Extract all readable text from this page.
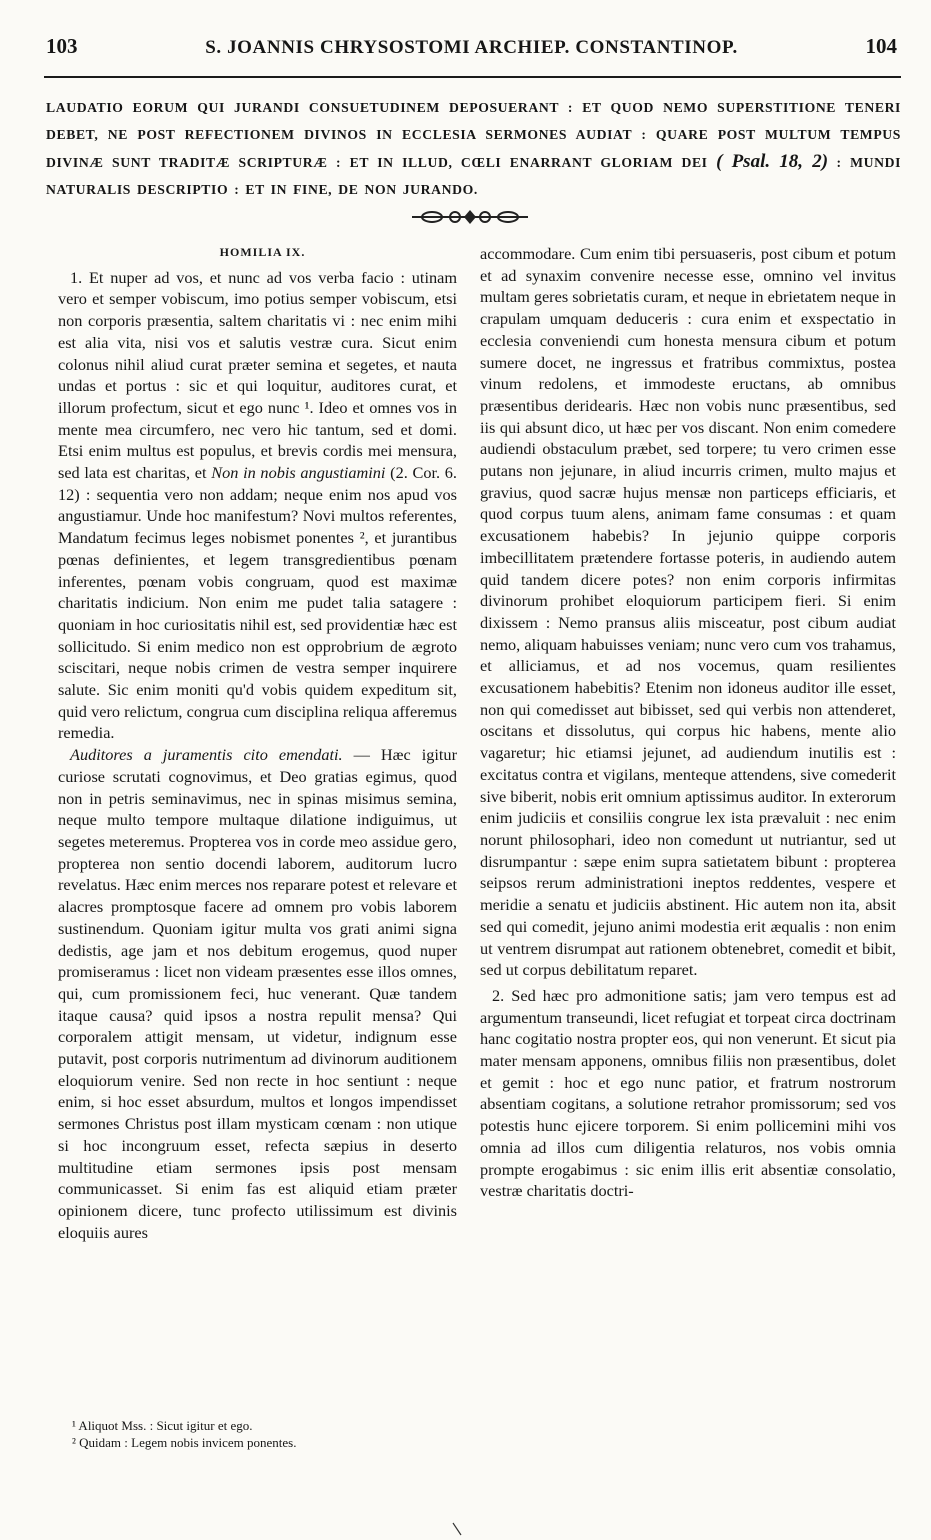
103	S. JOANNIS CHRYSOSTOMI ARCHIEP. CONSTANTINOP.	104
LAUDATIO EORUM QUI JURANDI CONSUETUDINEM DEPOSUERANT : ET QUOD NEMO SUPERSTITIONE TENERI DEBET, NE POST REFECTIONEM DIVINOS IN ECCLESIA SERMONES AUDIAT : QUARE POST MULTUM TEMPUS DIVINÆ SUNT TRADITÆ SCRIPTURÆ : ET IN ILLUD, CŒLI ENARRANT GLORIAM DEI ( Psal. 18, 2) : MUNDI NATURALIS DESCRIPTIO : ET IN FINE, DE NON JURANDO.
HOMILIA IX.

1. Et nuper ad vos, et nunc ad vos verba facio : utinam vero et semper vobiscum, imo potius semper vobiscum, etsi non corporis præsentia, saltem charitatis vi : nec enim mihi est alia vita, nisi vos et salutis vestræ cura. Sicut enim colonus nihil aliud curat præter semina et segetes, et nauta undas et portus : sic et qui loquitur, auditores curat, et illorum profectum, sicut et ego nunc ¹. Ideo et omnes vos in mente mea circumfero, nec vero hic tantum, sed et domi. Etsi enim multus est populus, et brevis cordis mei mensura, sed lata est charitas, et Non in nobis angustiamini (2. Cor. 6. 12) : sequentia vero non addam; neque enim nos apud vos angustiamur. Unde hoc manifestum? Novi multos referentes, Mandatum fecimus leges nobismet ponentes ², et jurantibus pœnas definientes, et legem transgredientibus pœnam inferentes, pœnam vobis congruam, quod est maximæ charitatis indicium. Non enim me pudet talia satagere : quoniam in hoc curiositatis nihil est, sed providentiæ hæc est sollicitudo. Si enim medico non est opprobrium de ægroto sciscitari, neque nobis crimen de vestra semper inquirere salute. Sic enim moniti qu'd vobis quidem expeditum sit, quid vero relictum, congrua cum disciplina reliqua afferemus remedia.

Auditores a juramentis cito emendati. — Hæc igitur curiose scrutati cognovimus, et Deo gratias egimus, quod non in petris seminavimus, nec in spinas misimus semina, neque multo tempore multaque dilatione indiguimus, ut segetes meteremus. Propterea vos in corde meo assidue gero, propterea non sentio docendi laborem, auditorum lucro revelatus. Hæc enim merces nos reparare potest et relevare et alacres promptosque facere ad omnem pro vobis laborem sustinendum. Quoniam igitur multa vos grati animi signa dedistis, age jam et nos debitum erogemus, quod nuper promiseramus : licet non videam præsentes esse illos omnes, qui, cum promissionem feci, huc venerant. Quæ tandem itaque causa? quid ipsos a nostra repulit mensa? Qui corporalem attigit mensam, ut videtur, indignum esse putavit, post corporis nutrimentum ad divinorum auditionem eloquiorum venire. Sed non recte in hoc sentiunt : neque enim, si hoc esset absurdum, multos et longos impendisset sermones Christus post illam mysticam cœnam : non utique si hoc incongruum esset, refecta sæpius in deserto multitudine etiam sermones ipsis post mensam communicasset. Si enim fas est aliquid etiam præter opinionem dicere, tunc profecto utilissimum est divinis eloquiis aures

accommodare. Cum enim tibi persuaseris, post cibum et potum et ad synaxim convenire necesse esse, omnino vel invitus multam geres sobrietatis curam, et neque in ebrietatem neque in crapulam umquam deduceris : cura enim et exspectatio in ecclesia conveniendi cum honesta mensura cibum et potum sumere docet, ne ingressus et fratribus commixtus, postea vinum redolens, et immodeste eructans, ab omnibus præsentibus deridearis. Hæc non vobis nunc præsentibus, sed iis qui absunt dico, ut hæc per vos discant. Non enim comedere audiendi obstaculum præbet, sed torpere; tu vero crimen esse putans non jejunare, in aliud incurris crimen, multo majus et gravius, quod sacræ hujus mensæ non particeps efficiaris, et quod corpus tuum alens, animam fame consumas : et quam excusationem habebis? In jejunio quippe corporis imbecillitatem prætendere fortasse poteris, in audiendo autem quid tandem dicere potes? non enim corporis infirmitas divinorum prohibet eloquiorum participem fieri. Si enim dixissem : Nemo pransus aliis misceatur, post cibum audiat nemo, aliquam habuisses veniam; nunc vero cum vos trahamus, et alliciamus, et ad nos vocemus, quam resilientes excusationem habebitis? Etenim non idoneus auditor ille esset, non qui comedisset aut bibisset, sed qui verbis non attenderet, oscitans et dissolutus, qui corpus hic habens, mente alio vagaretur; hic etiamsi jejunet, ad audiendum inutilis est : excitatus contra et vigilans, menteque attendens, sive comederit sive biberit, nobis erit omnium aptissimus auditor. In exterorum enim judiciis et consiliis congrue lex ista prævaluit : nec enim norunt philosophari, ideo non comedunt ut nutriantur, sed ut disrumpantur : sæpe enim supra satietatem bibunt : propterea seipsos rerum administrationi ineptos reddentes, vespere et meridie a senatu et judiciis abstinent. Hic autem non ita, absit sed qui comedit, jejuno animi modestia erit æqualis : non enim ut ventrem disrumpat aut rationem obtenebret, comedit et bibit, sed ut corpus debilitatum reparet.

2. Sed hæc pro admonitione satis; jam vero tempus est ad argumentum transeundi, licet refugiat et torpeat circa doctrinam hanc cogitatio nostra propter eos, qui non venerunt. Et sicut pia mater mensam apponens, omnibus filiis non præsentibus, dolet et gemit : hoc et ego nunc patior, et fratrum nostrorum absentiam cogitans, a solutione retrahor promissorum; sed vos potestis hunc ejicere torporem. Si enim pollicemini mihi vos omnia ad illos cum diligentia relaturos, nos vobis omnia prompte erogabimus : sic enim illis erit absentiæ consolatio, vestræ charitatis doctri-

¹ Aliquot Mss. : Sicut igitur et ego.

² Quidam : Legem nobis invicem ponentes.
